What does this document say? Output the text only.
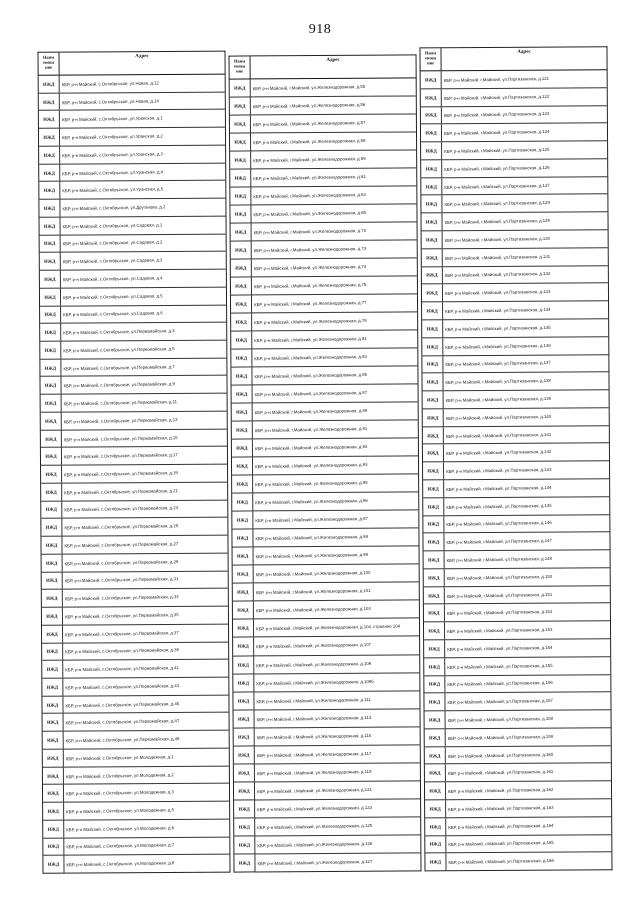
918
Наим
енова
ние
Адрес
ИЖД	КБР, р-н Майский, с.Октябрьское, ул.Новая, д.12
ИЖД	КБР, р-н Майский, с.Октябрьское, ул.Новая, д.14
ИЖД	КБР, р-н Майский, с.Октябрьское, ул.Уранская, д.1
ИЖД	КБР, р-н Майский, с.Октябрьское, ул.Уранская, д.2
ИЖД	КБР, р-н Майский, с.Октябрьское, ул.Уранская, д.3
ИЖД	КБР, р-н Майский, с.Октябрьское, ул.Уранская, д.4
ИЖД	КБР, р-н Майский, с.Октябрьское, ул.Уранская, д.5
ИЖД	КБР, р-н Майский, с.Октябрьское, ул.Друганова, д.2
ИЖД	КБР, р-н Майский, с.Октябрьское, ул.Садовая, д.1
ИЖД	КБР, р-н Майский, с.Октябрьское, ул.Садовая, д.2
ИЖД	КБР, р-н Майский, с.Октябрьское, ул.Садовая, д.3
ИЖД	КБР, р-н Майский, с.Октябрьское, ул.Садовая, д.4
ИЖД	КБР, р-н Майский, с.Октябрьское, ул.Садовая, д.5
ИЖД	КБР, р-н Майский, с.Октябрьское, ул.Садовая, д.6
ИЖД	КБР, р-н Майский, с.Октябрьское, ул.Первомайская, д.3
ИЖД	КБР, р-н Майский, с.Октябрьское, ул.Первомайская, д.5
ИЖД	КБР, р-н Майский, с.Октябрьское, ул.Первомайская, д.7
ИЖД	КБР, р-н Майский, с.Октябрьское, ул.Первомайская, д.9
ИЖД	КБР, р-н Майский, с.Октябрьское, ул.Первомайская, д.11
ИЖД	КБР, р-н Майский, с.Октябрьское, ул.Первомайская, д.13
ИЖД	КБР, р-н Майский, с.Октябрьское, ул.Первомайская, д.15
ИЖД	КБР, р-н Майский, с.Октябрьское, ул.Первомайская, д.17
ИЖД	КБР, р-н Майский, с.Октябрьское, ул.Первомайская, д.19
ИЖД	КБР, р-н Майский, с.Октябрьское, ул.Первомайская, д.21
ИЖД	КБР, р-н Майский, с.Октябрьское, ул.Первомайская, д.23
ИЖД	КБР, р-н Майский, с.Октябрьское, ул.Первомайская, д.25
ИЖД	КБР, р-н Майский, с.Октябрьское, ул.Первомайская, д.27
ИЖД	КБР, р-н Майский, с.Октябрьское, ул.Первомайская, д.29
ИЖД	КБР, р-н Майский, с.Октябрьское, ул.Первомайская, д.31
ИЖД	КБР, р-н Майский, с.Октябрьское, ул.Первомайская, д.33
ИЖД	КБР, р-н Майский, с.Октябрьское, ул.Первомайская, д.35
ИЖД	КБР, р-н Майский, с.Октябрьское, ул.Первомайская, д.37
ИЖД	КБР, р-н Майский, с.Октябрьское, ул.Первомайская, д.39
ИЖД	КБР, р-н Майский, с.Октябрьское, ул.Первомайская, д.41
ИЖД	КБР, р-н Майский, с.Октябрьское, ул.Первомайская, д.43
ИЖД	КБР, р-н Майский, с.Октябрьское, ул.Первомайская, д.45
ИЖД	КБР, р-н Майский, с.Октябрьское, ул.Первомайская, д.47
ИЖД	КБР, р-н Майский, с.Октябрьское, ул.Первомайская, д.49
ИЖД	КБР, р-н Майский, с.Октябрьское, ул.Молодежная, д.1
ИЖД	КБР, р-н Майский, с.Октябрьское, ул.Молодежная, д.2
ИЖД	КБР, р-н Майский, с.Октябрьское, ул.Молодежная, д.3
ИЖД	КБР, р-н Майский, с.Октябрьское, ул.Молодежная, д.5
ИЖД	КБР, р-н Майский, с.Октябрьское, ул.Молодежная, д.6
ИЖД	КБР, р-н Майский, с.Октябрьское, ул.Молодежная, д.7
ИЖД	КБР, р-н Майский, с.Октябрьское, ул.Молодежная, д.8
Наим
енова
ние
Адрес
ИЖД	КБР, р-н Майский, г.Майский, ул.Железнодорожная, д.55
ИЖД	КБР, р-н Майский, г.Майский, ул.Железнодорожная, д.56
ИЖД	КБР, р-н Майский, г.Майский, ул.Железнодорожная, д.57
ИЖД	КБР, р-н Майский, г.Майский, ул.Железнодорожная, д.58
ИЖД	КБР, р-н Майский, г.Майский, ул.Железнодорожная, д.59
ИЖД	КБР, р-н Майский, г.Майский, ул.Железнодорожная, д.61
ИЖД	КБР, р-н Майский, г.Майский, ул.Железнодорожная, д.63
ИЖД	КБР, р-н Майский, г.Майский, ул.Железнодорожная, д.65
ИЖД	КБР, р-н Майский, г.Майский, ул.Железнодорожная, д.70
ИЖД	КБР, р-н Майский, г.Майский, ул.Железнодорожная, д.73
ИЖД	КБР, р-н Майский, г.Майский, ул.Железнодорожная, д.74
ИЖД	КБР, р-н Майский, г.Майский, ул.Железнодорожная, д.76
ИЖД	КБР, р-н Майский, г.Майский, ул.Железнодорожная, д.77
ИЖД	КБР, р-н Майский, г.Майский, ул.Железнодорожная, д.79
ИЖД	КБР, р-н Майский, г.Майский, ул.Железнодорожная, д.81
ИЖД	КБР, р-н Майский, г.Майский, ул.Железнодорожная, д.83
ИЖД	КБР, р-н Майский, г.Майский, ул.Железнодорожная, д.85
ИЖД	КБР, р-н Майский, г.Майский, ул.Железнодорожная, д.87
ИЖД	КБР, р-н Майский, г.Майский, ул.Железнодорожная, д.89
ИЖД	КБР, р-н Майский, г.Майский, ул.Железнодорожная, д.91
ИЖД	КБР, р-н Майский, г.Майский, ул.Железнодорожная, д.92
ИЖД	КБР, р-н Майский, г.Майский, ул.Железнодорожная, д.93
ИЖД	КБР, р-н Майский, г.Майский, ул.Железнодорожная, д.95
ИЖД	КБР, р-н Майский, г.Майский, ул.Железнодорожная, д.96
ИЖД	КБР, р-н Майский, г.Майский, ул.Железнодорожная, д.97
ИЖД	КБР, р-н Майский, г.Майский, ул.Железнодорожная, д.98
ИЖД	КБР, р-н Майский, г.Майский, ул.Железнодорожная, д.99
ИЖД	КБР, р-н Майский, г.Майский, ул.Железнодорожная, д.100
ИЖД	КБР, р-н Майский, г.Майский, ул.Железнодорожная, д.101
ИЖД	КБР, р-н Майский, г.Майский, ул.Железнодорожная, д.103
ИЖД	КБР, р-н Майский, г.Майский, ул.Железнодорожная, д.104, строение 104
ИЖД	КБР, р-н Майский, г.Майский, ул.Железнодорожная, д.107
ИЖД	КБР, р-н Майский, г.Майский, ул.Железнодорожная, д.109
ИЖД	КБР, р-н Майский, г.Майский, ул.Железнодорожная, д.109б
ИЖД	КБР, р-н Майский, г.Майский, ул.Железнодорожная, д.111
ИЖД	КБР, р-н Майский, г.Майский, ул.Железнодорожная, д.113
ИЖД	КБР, р-н Майский, г.Майский, ул.Железнодорожная, д.115
ИЖД	КБР, р-н Майский, г.Майский, ул.Железнодорожная, д.117
ИЖД	КБР, р-н Майский, г.Майский, ул.Железнодорожная, д.119
ИЖД	КБР, р-н Майский, г.Майский, ул.Железнодорожная, д.121
ИЖД	КБР, р-н Майский, г.Майский, ул.Железнодорожная, д.123
ИЖД	КБР, р-н Майский, г.Майский, ул.Железнодорожная, д.125
ИЖД	КБР, р-н Майский, г.Майский, ул.Железнодорожная, д.126
ИЖД	КБР, р-н Майский, г.Майский, ул.Железнодорожная, д.127
Наим
енова
ние
Адрес
ИЖД	КБР, р-н Майский, г.Майский, ул.Партизанская, д.121
ИЖД	КБР, р-н Майский, г.Майский, ул.Партизанская, д.122
ИЖД	КБР, р-н Майский, г.Майский, ул.Партизанская, д.123
ИЖД	КБР, р-н Майский, г.Майский, ул.Партизанская, д.124
ИЖД	КБР, р-н Майский, г.Майский, ул.Партизанская, д.125
ИЖД	КБР, р-н Майский, г.Майский, ул.Партизанская, д.126
ИЖД	КБР, р-н Майский, г.Майский, ул.Партизанская, д.127
ИЖД	КБР, р-н Майский, г.Майский, ул.Партизанская, д.128
ИЖД	КБР, р-н Майский, г.Майский, ул.Партизанская, д.129
ИЖД	КБР, р-н Майский, г.Майский, ул.Партизанская, д.130
ИЖД	КБР, р-н Майский, г.Майский, ул.Партизанская, д.131
ИЖД	КБР, р-н Майский, г.Майский, ул.Партизанская, д.132
ИЖД	КБР, р-н Майский, г.Майский, ул.Партизанская, д.133
ИЖД	КБР, р-н Майский, г.Майский, ул.Партизанская, д.134
ИЖД	КБР, р-н Майский, г.Майский, ул.Партизанская, д.135
ИЖД	КБР, р-н Майский, г.Майский, ул.Партизанская, д.136
ИЖД	КБР, р-н Майский, г.Майский, ул.Партизанская, д.137
ИЖД	КБР, р-н Майский, г.Майский, ул.Партизанская, д.138
ИЖД	КБР, р-н Майский, г.Майский, ул.Партизанская, д.139
ИЖД	КБР, р-н Майский, г.Майский, ул.Партизанская, д.140
ИЖД	КБР, р-н Майский, г.Майский, ул.Партизанская, д.141
ИЖД	КБР, р-н Майский, г.Майский, ул.Партизанская, д.142
ИЖД	КБР, р-н Майский, г.Майский, ул.Партизанская, д.143
ИЖД	КБР, р-н Майский, г.Майский, ул.Партизанская, д.144
ИЖД	КБР, р-н Майский, г.Майский, ул.Партизанская, д.145
ИЖД	КБР, р-н Майский, г.Майский, ул.Партизанская, д.146
ИЖД	КБР, р-н Майский, г.Майский, ул.Партизанская, д.147
ИЖД	КБР, р-н Майский, г.Майский, ул.Партизанская, д.148
ИЖД	КБР, р-н Майский, г.Майский, ул.Партизанская, д.150
ИЖД	КБР, р-н Майский, г.Майский, ул.Партизанская, д.151
ИЖД	КБР, р-н Майский, г.Майский, ул.Партизанская, д.152
ИЖД	КБР, р-н Майский, г.Майский, ул.Партизанская, д.153
ИЖД	КБР, р-н Майский, г.Майский, ул.Партизанская, д.154
ИЖД	КБР, р-н Майский, г.Майский, ул.Партизанская, д.155
ИЖД	КБР, р-н Майский, г.Майский, ул.Партизанская, д.156
ИЖД	КБР, р-н Майский, г.Майский, ул.Партизанская, д.157
ИЖД	КБР, р-н Майский, г.Майский, ул.Партизанская, д.158
ИЖД	КБР, р-н Майский, г.Майский, ул.Партизанская, д.159
ИЖД	КБР, р-н Майский, г.Майский, ул.Партизанская, д.160
ИЖД	КБР, р-н Майский, г.Майский, ул.Партизанская, д.161
ИЖД	КБР, р-н Майский, г.Майский, ул.Партизанская, д.162
ИЖД	КБР, р-н Майский, г.Майский, ул.Партизанская, д.163
ИЖД	КБР, р-н Майский, г.Майский, ул.Партизанская, д.164
ИЖД	КБР, р-н Майский, г.Майский, ул.Партизанская, д.165
ИЖД	КБР, р-н Майский, г.Майский, ул.Партизанская, д.166
